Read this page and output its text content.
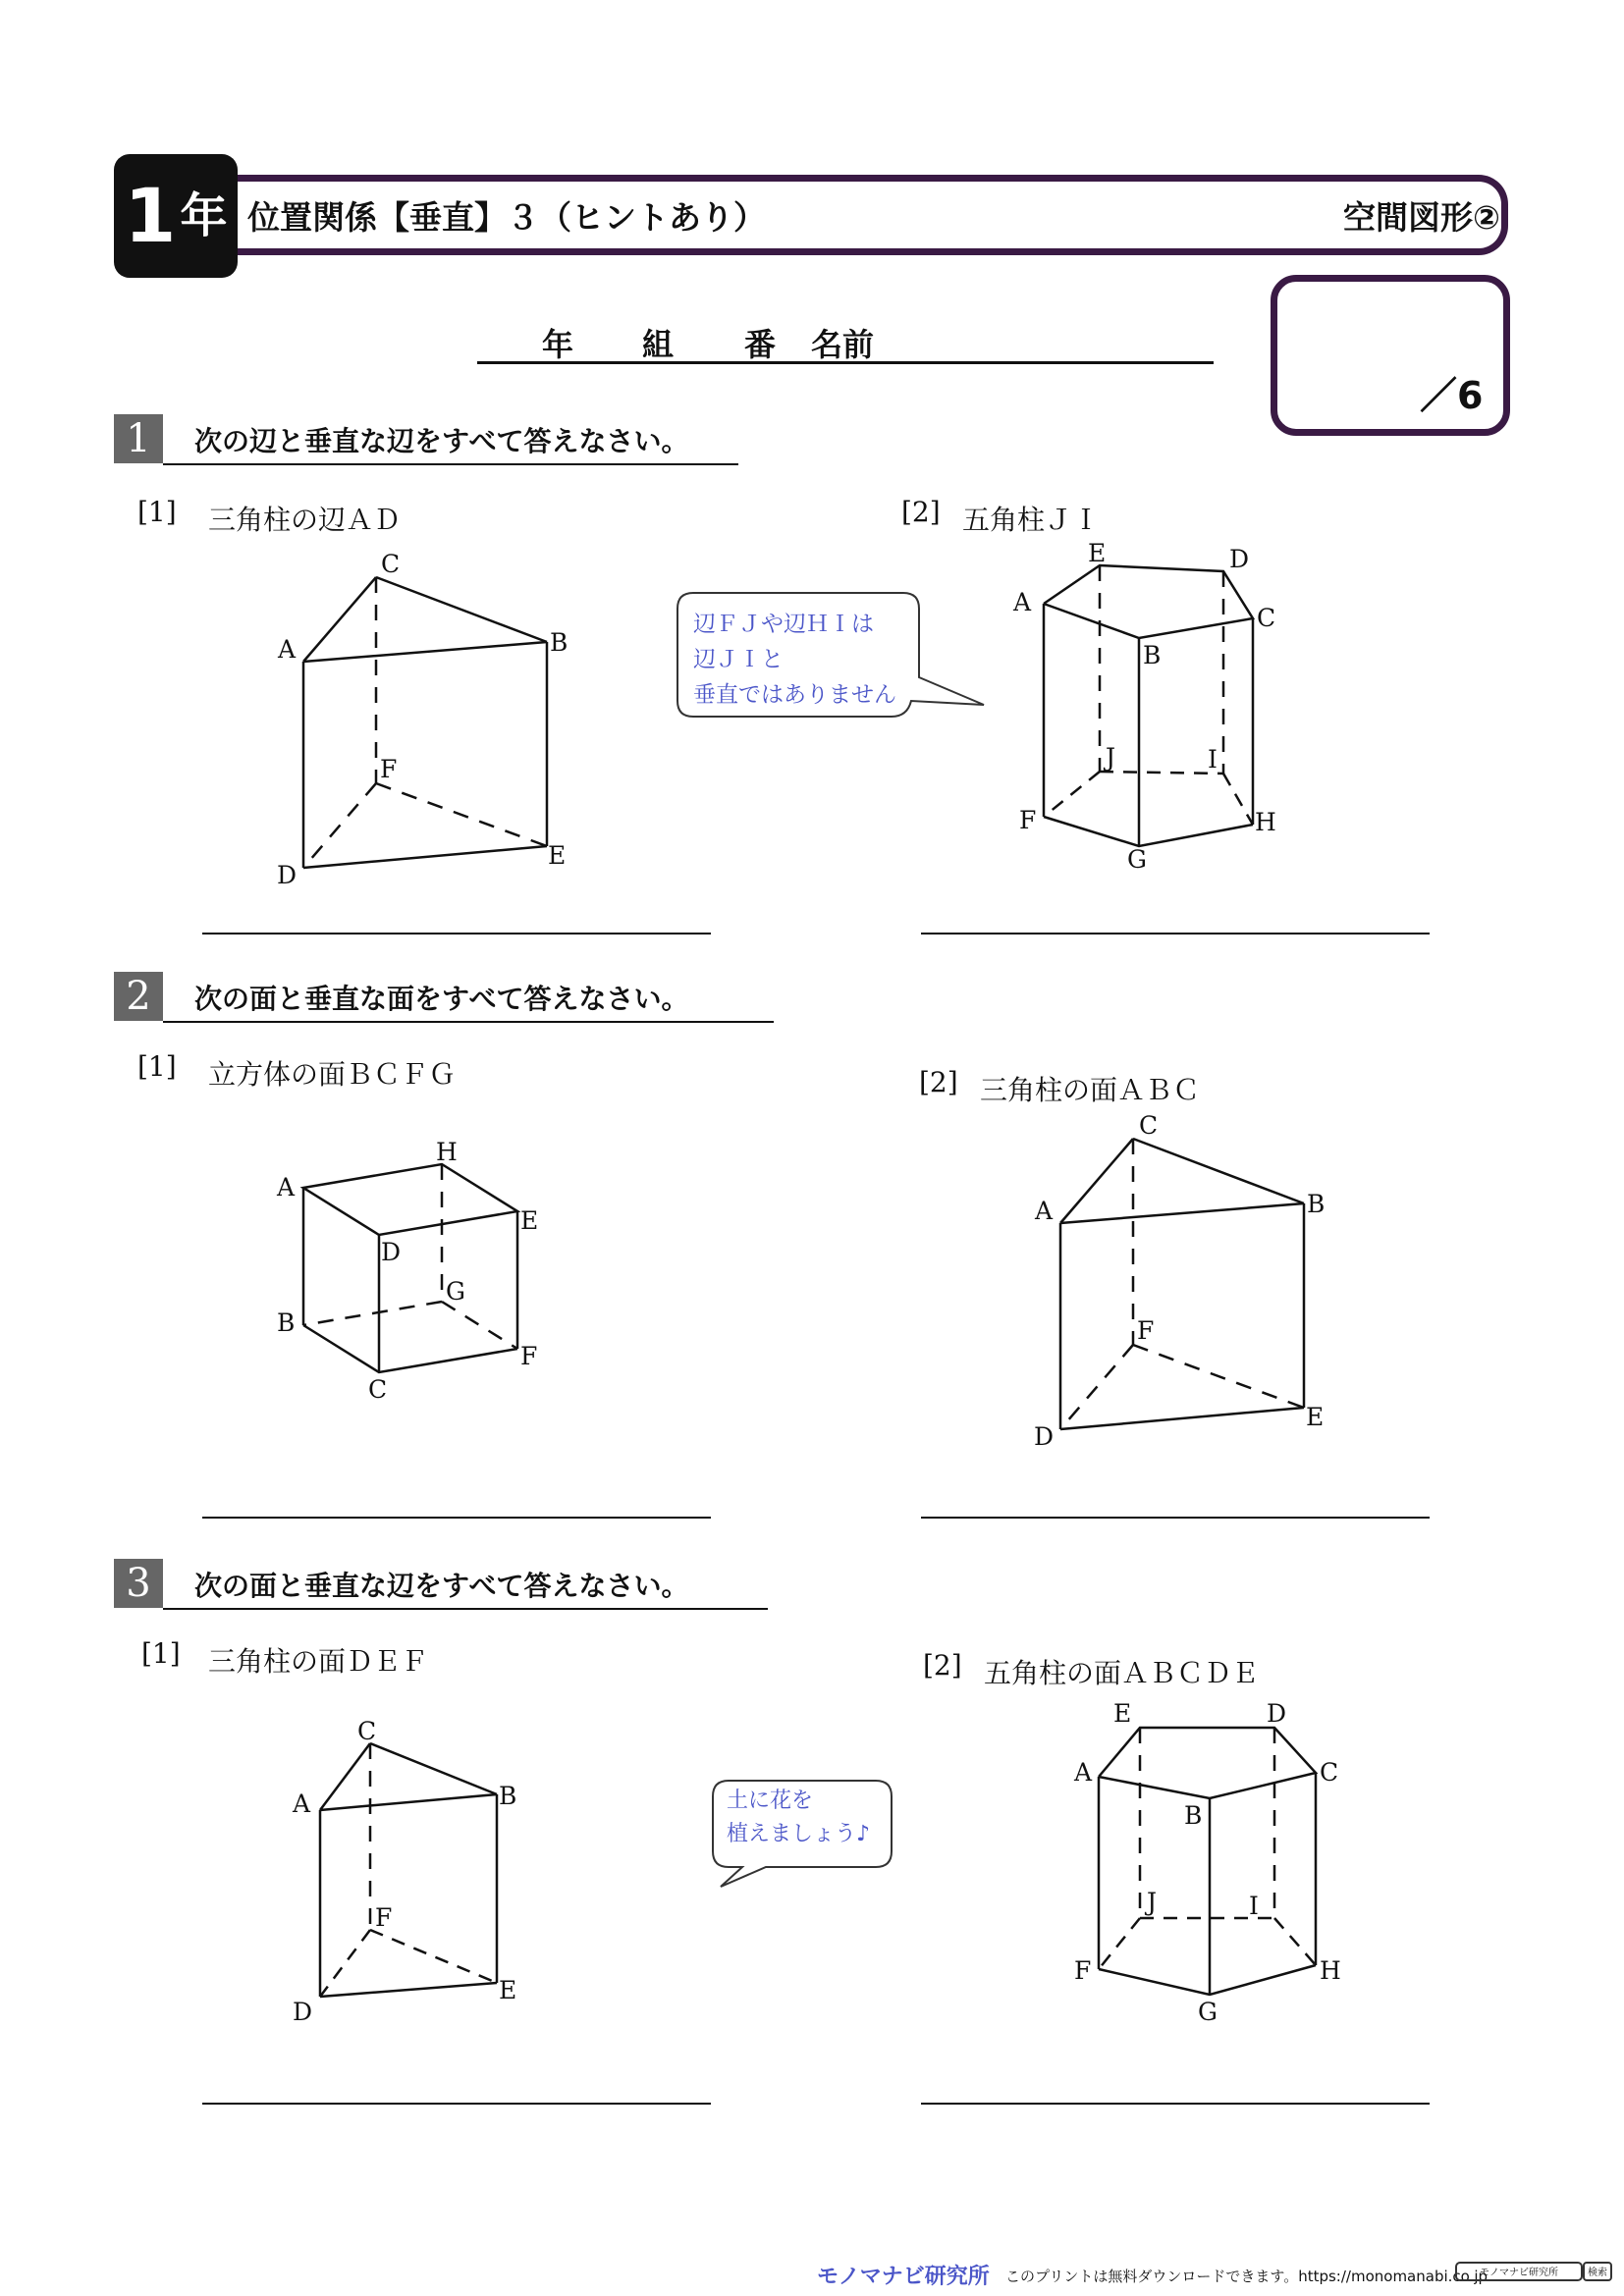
1 年 位置関係【垂直】３（ヒントあり）	空間図形②
／6
年 組 番 名前
1	次の辺と垂直な辺をすべて答えなさい。
[1] 三角柱の辺ＡＤ	[2] 五角柱ＪＩ
A	B
C
D
E
F
辺ＦＪや辺ＨＩは
辺ＪＩと
垂直ではありません
A
B
C
D
E
F
G
H
I
J
2	次の面と垂直な面をすべて答えなさい。
[1] 立方体の面ＢＣＦＧ	[2] 三角柱の面ＡＢＣ
A
B
C
D
E
F
G
H
A	B
C
D
E
F
3	次の面と垂直な辺をすべて答えなさい。
[1] 三角柱の面ＤＥＦ	[2] 五角柱の面ＡＢＣＤＥ
A	B
C
D
E
F
土に花を
植えましょう♪
A
B
C
D
E
F
G
H
I
J
モノマナビ研究所 このプリントは無料ダウンロードできます。https://monomanabi.co.jp
モノマナビ研究所	検索
